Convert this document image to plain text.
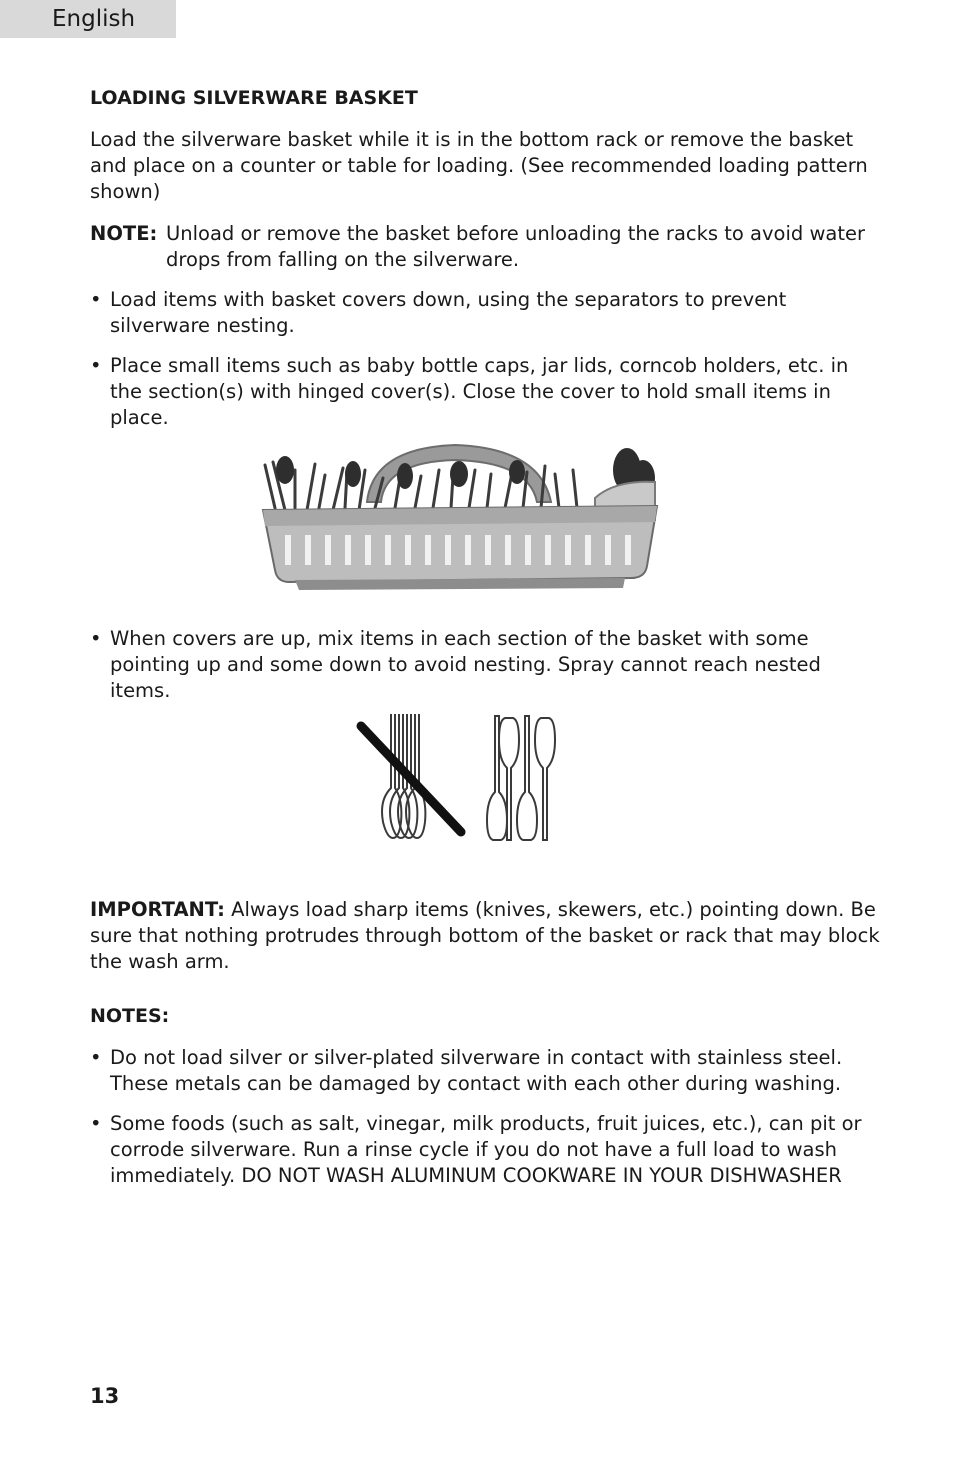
English

LOADING SILVERWARE BASKET

Load the silverware basket while it is in the bottom rack or remove the basket and place on a counter or table for loading. (See recommended loading pattern shown)

NOTE: Unload or remove the basket before unloading the racks to avoid water drops from falling on the silverware.

• Load items with basket covers down, using the separators to prevent silverware nesting.
• Place small items such as baby bottle caps, jar lids, corncob holders, etc. in the section(s) with hinged cover(s). Close the cover to hold small items in place.
• When covers are up, mix items in each section of the basket with some pointing up and some down to avoid nesting. Spray cannot reach nested items.

IMPORTANT: Always load sharp items (knives, skewers, etc.) pointing down. Be sure that nothing protrudes through bottom of the basket or rack that may block the wash arm.

NOTES:

• Do not load silver or silver-plated silverware in contact with stainless steel. These metals can be damaged by contact with each other during washing.
• Some foods (such as salt, vinegar, milk products, fruit juices, etc.), can pit or corrode silverware. Run a rinse cycle if you do not have a full load to wash immediately. DO NOT WASH ALUMINUM COOKWARE IN YOUR DISHWASHER
13
